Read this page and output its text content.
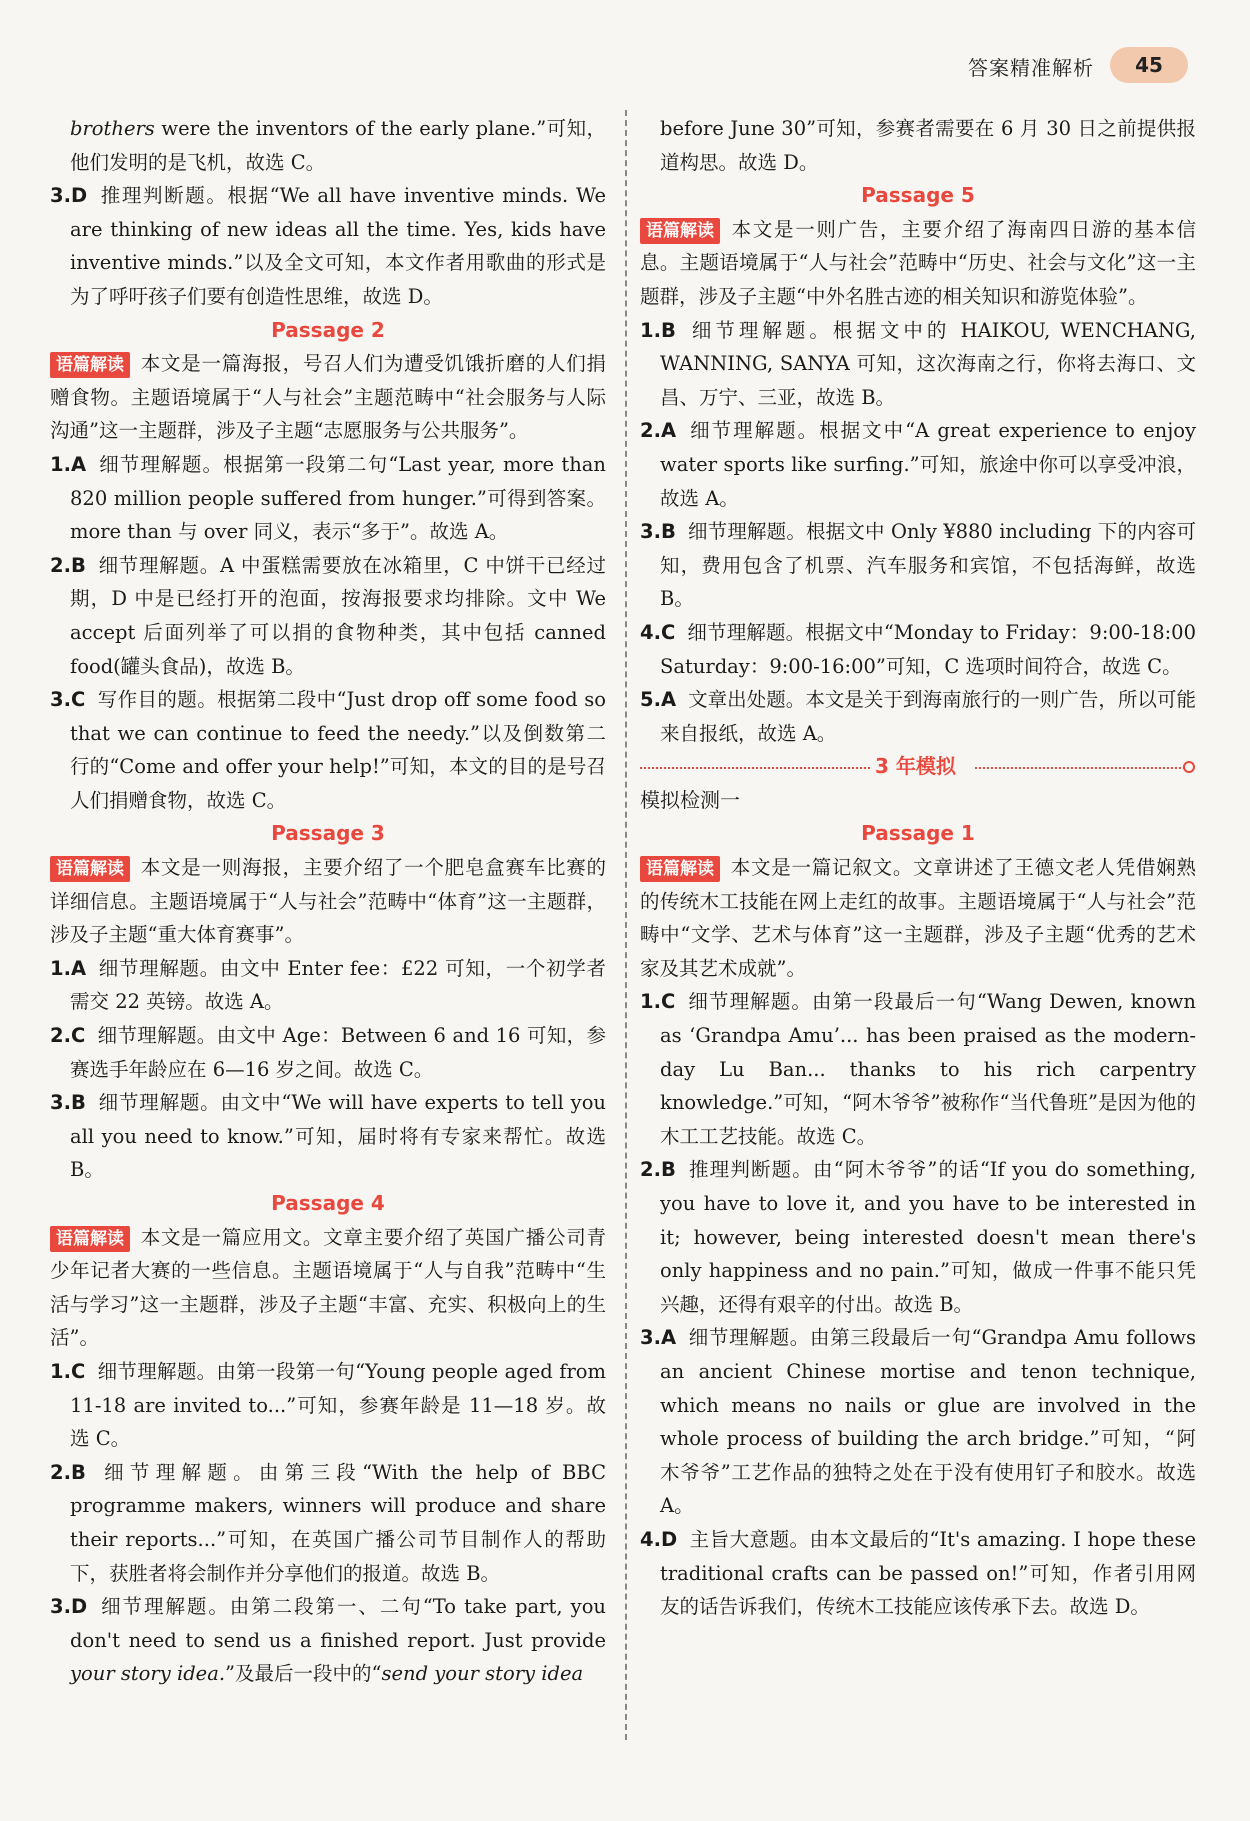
答案精准解析	45

brothers were the inventors of the early plane.”可知，他们发明的是飞机，故选 C。

3.D 推理判断题。根据“We all have inventive minds. We are thinking of new ideas all the time. Yes, kids have inventive minds.”以及全文可知，本文作者用歌曲的形式是为了呼吁孩子们要有创造性思维，故选 D。

Passage 2

语篇解读 本文是一篇海报，号召人们为遭受饥饿折磨的人们捐赠食物。主题语境属于“人与社会”主题范畴中“社会服务与人际沟通”这一主题群，涉及子主题“志愿服务与公共服务”。

1.A 细节理解题。根据第一段第二句“Last year, more than 820 million people suffered from hunger.”可得到答案。more than 与 over 同义，表示“多于”。故选 A。

2.B 细节理解题。A 中蛋糕需要放在冰箱里，C 中饼干已经过期，D 中是已经打开的泡面，按海报要求均排除。文中 We accept 后面列举了可以捐的食物种类，其中包括 canned food(罐头食品)，故选 B。

3.C 写作目的题。根据第二段中“Just drop off some food so that we can continue to feed the needy.”以及倒数第二行的“Come and offer your help!”可知，本文的目的是号召人们捐赠食物，故选 C。

Passage 3

语篇解读 本文是一则海报，主要介绍了一个肥皂盒赛车比赛的详细信息。主题语境属于“人与社会”范畴中“体育”这一主题群，涉及子主题“重大体育赛事”。

1.A 细节理解题。由文中 Enter fee：£22 可知，一个初学者需交 22 英镑。故选 A。

2.C 细节理解题。由文中 Age：Between 6 and 16 可知，参赛选手年龄应在 6—16 岁之间。故选 C。

3.B 细节理解题。由文中“We will have experts to tell you all you need to know.”可知，届时将有专家来帮忙。故选 B。

Passage 4

语篇解读 本文是一篇应用文。文章主要介绍了英国广播公司青少年记者大赛的一些信息。主题语境属于“人与自我”范畴中“生活与学习”这一主题群，涉及子主题“丰富、充实、积极向上的生活”。

1.C 细节理解题。由第一段第一句“Young people aged from 11-18 are invited to...”可知，参赛年龄是 11—18 岁。故选 C。

2.B 细节理解题。由第三段“With the help of BBC programme makers, winners will produce and share their reports...”可知，在英国广播公司节目制作人的帮助下，获胜者将会制作并分享他们的报道。故选 B。

3.D 细节理解题。由第二段第一、二句“To take part, you don't need to send us a finished report. Just provide your story idea.”及最后一段中的“send your story idea

before June 30”可知，参赛者需要在 6 月 30 日之前提供报道构思。故选 D。

Passage 5

语篇解读 本文是一则广告，主要介绍了海南四日游的基本信息。主题语境属于“人与社会”范畴中“历史、社会与文化”这一主题群，涉及子主题“中外名胜古迹的相关知识和游览体验”。

1.B 细节理解题。根据文中的 HAIKOU, WENCHANG, WANNING, SANYA 可知，这次海南之行，你将去海口、文昌、万宁、三亚，故选 B。

2.A 细节理解题。根据文中“A great experience to enjoy water sports like surfing.”可知，旅途中你可以享受冲浪，故选 A。

3.B 细节理解题。根据文中 Only ¥880 including 下的内容可知，费用包含了机票、汽车服务和宾馆，不包括海鲜，故选 B。

4.C 细节理解题。根据文中“Monday to Friday：9:00-18:00 Saturday：9:00-16:00”可知，C 选项时间符合，故选 C。

5.A 文章出处题。本文是关于到海南旅行的一则广告，所以可能来自报纸，故选 A。

3 年模拟

模拟检测一

Passage 1

语篇解读 本文是一篇记叙文。文章讲述了王德文老人凭借娴熟的传统木工技能在网上走红的故事。主题语境属于“人与社会”范畴中“文学、艺术与体育”这一主题群，涉及子主题“优秀的艺术家及其艺术成就”。

1.C 细节理解题。由第一段最后一句“Wang Dewen, known as ‘Grandpa Amu’... has been praised as the modern-day Lu Ban... thanks to his rich carpentry knowledge.”可知，“阿木爷爷”被称作“当代鲁班”是因为他的木工工艺技能。故选 C。

2.B 推理判断题。由“阿木爷爷”的话“If you do something, you have to love it, and you have to be interested in it; however, being interested doesn't mean there's only happiness and no pain.”可知，做成一件事不能只凭兴趣，还得有艰辛的付出。故选 B。

3.A 细节理解题。由第三段最后一句“Grandpa Amu follows an ancient Chinese mortise and tenon technique, which means no nails or glue are involved in the whole process of building the arch bridge.”可知，“阿木爷爷”工艺作品的独特之处在于没有使用钉子和胶水。故选 A。

4.D 主旨大意题。由本文最后的“It's amazing. I hope these traditional crafts can be passed on!”可知，作者引用网友的话告诉我们，传统木工技能应该传承下去。故选 D。
